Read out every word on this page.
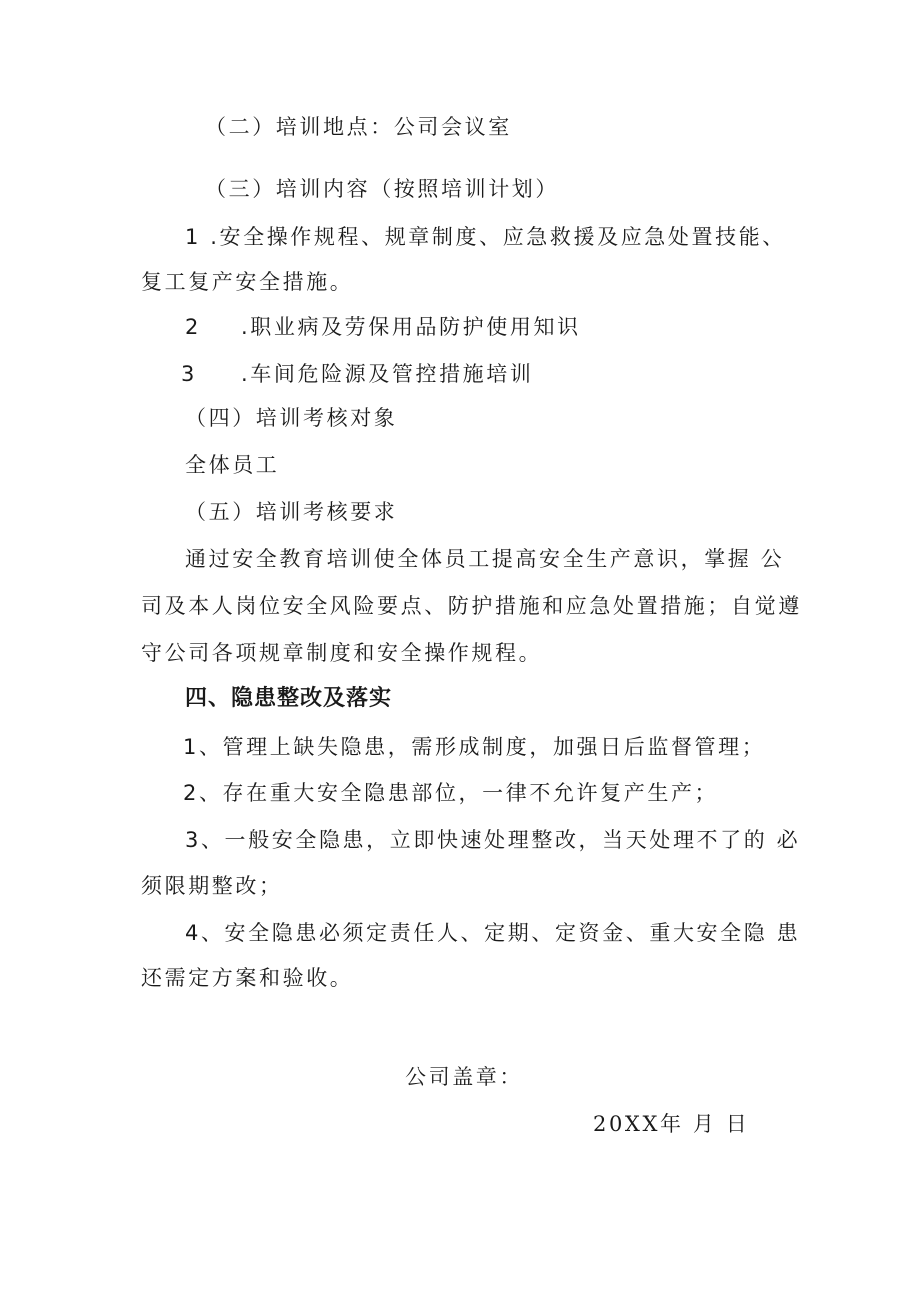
（二）培训地点：公司会议室
（三）培训内容（按照培训计划）
1 .安全操作规程、规章制度、应急救援及应急处置技能、
复工复产安全措施。
2 .职业病及劳保用品防护使用知识
3 .车间危险源及管控措施培训
（四）培训考核对象
全体员工
（五）培训考核要求
通过安全教育培训使全体员工提高安全生产意识，掌握 公
司及本人岗位安全风险要点、防护措施和应急处置措施；自觉遵
守公司各项规章制度和安全操作规程。
四、隐患整改及落实
1、管理上缺失隐患，需形成制度，加强日后监督管理；
2、存在重大安全隐患部位，一律不允许复产生产；
3、一般安全隐患，立即快速处理整改，当天处理不了的 必
须限期整改；
4、安全隐患必须定责任人、定期、定资金、重大安全隐 患
还需定方案和验收。
公司盖章：
20XX年 月 日
